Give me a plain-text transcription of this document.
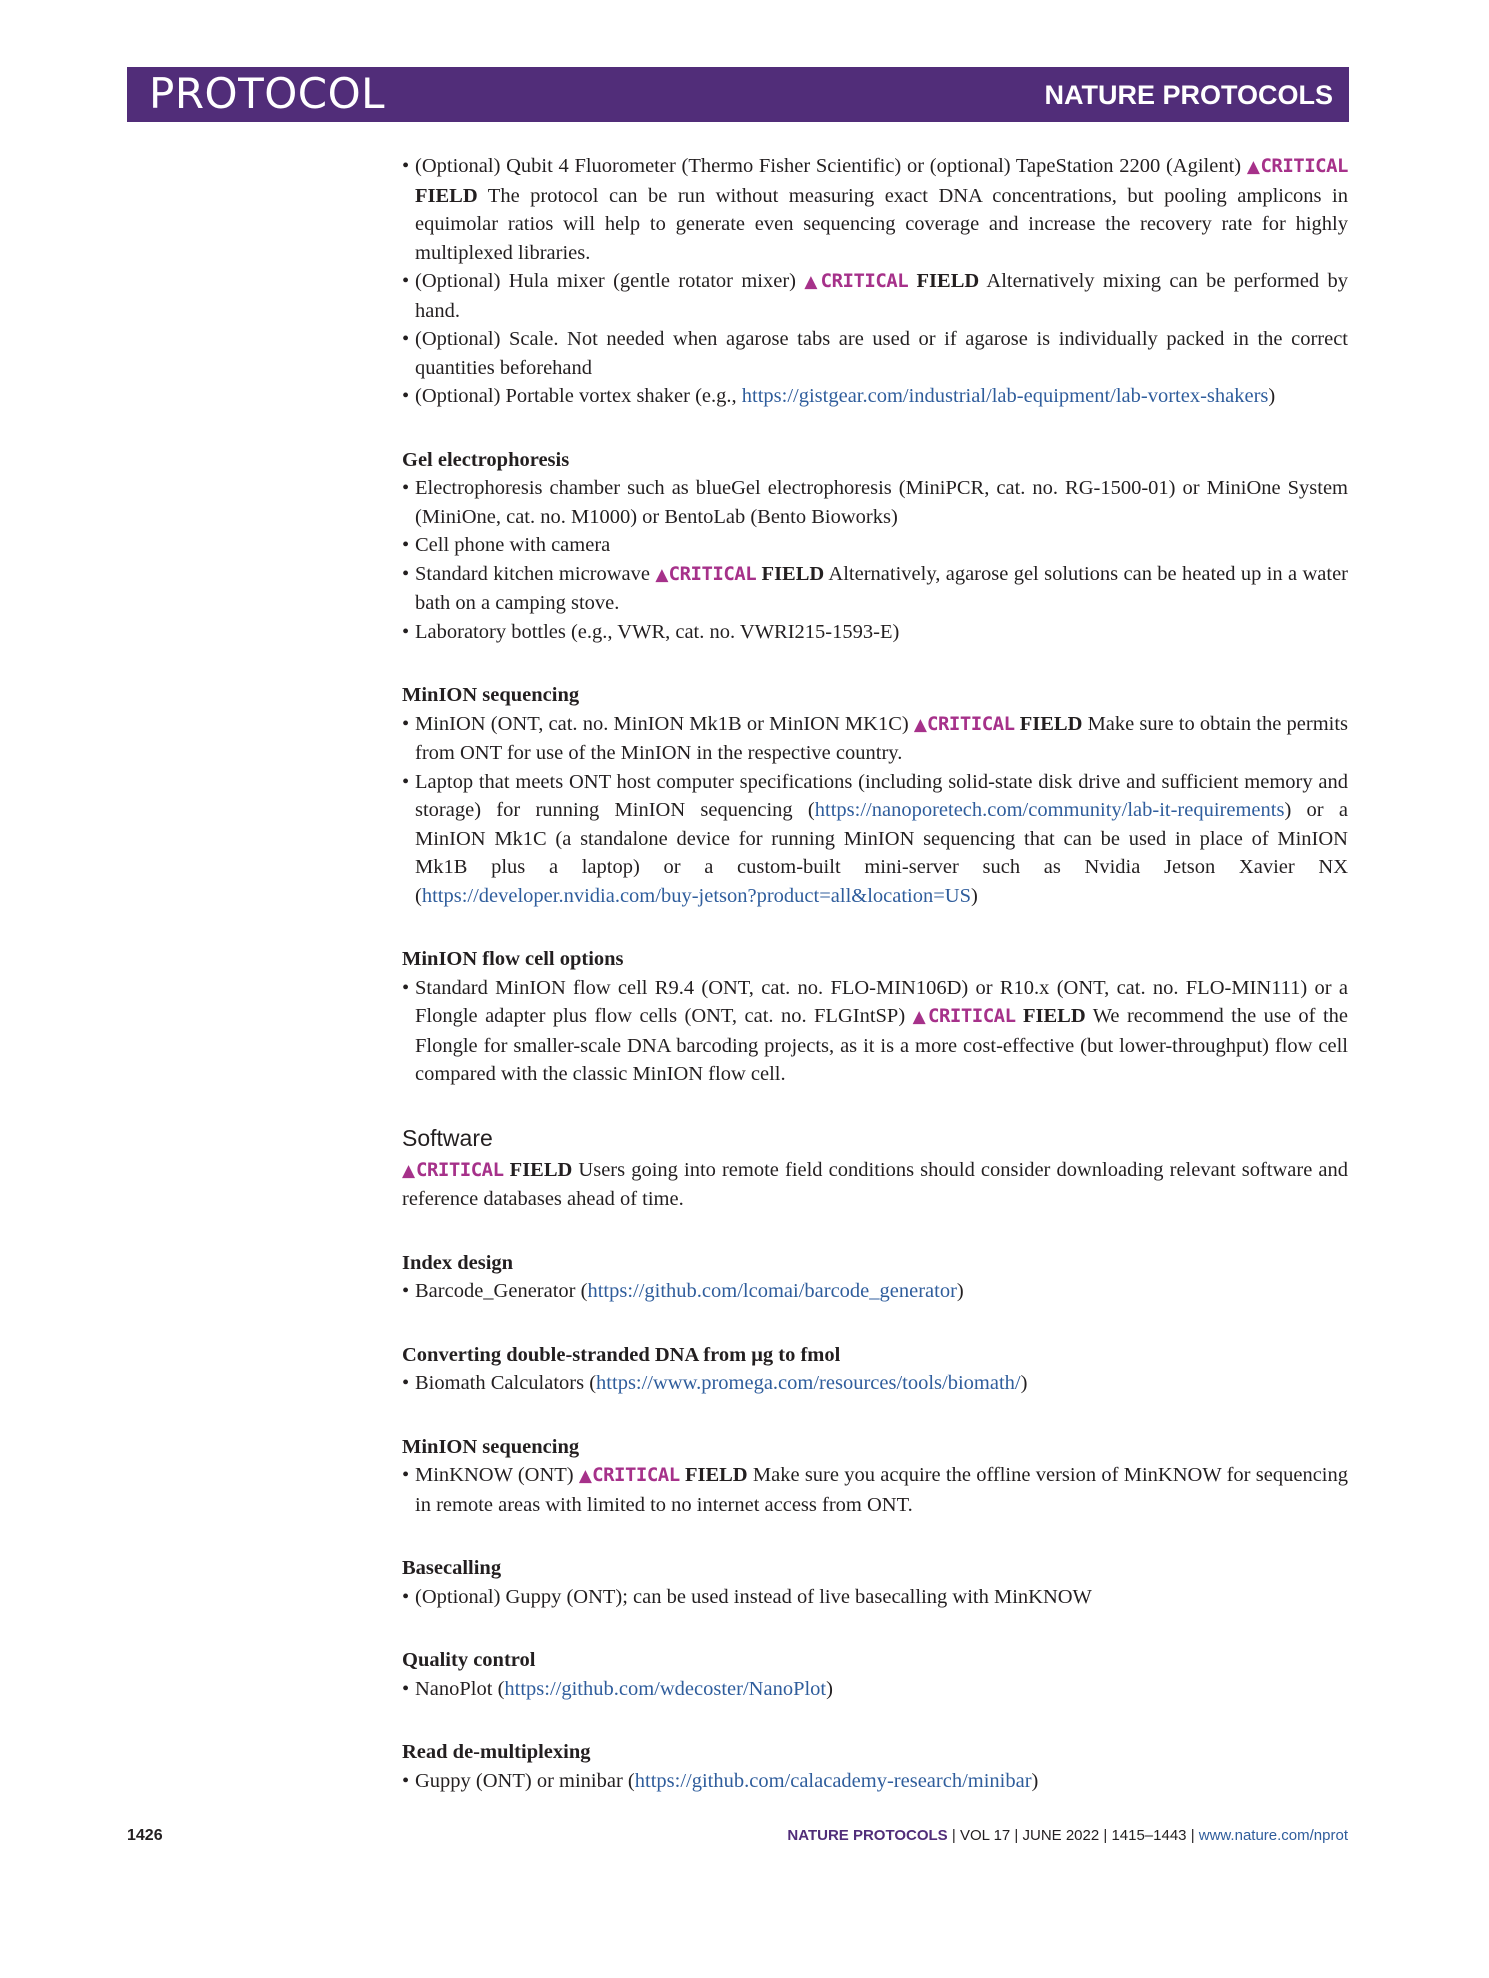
PROTOCOL	NATURE PROTOCOLS
• (Optional) Qubit 4 Fluorometer (Thermo Fisher Scientific) or (optional) TapeStation 2200 (Agilent) ▲CRITICAL FIELD The protocol can be run without measuring exact DNA concentrations, but pooling amplicons in equimolar ratios will help to generate even sequencing coverage and increase the recovery rate for highly multiplexed libraries.
• (Optional) Hula mixer (gentle rotator mixer) ▲CRITICAL FIELD Alternatively mixing can be performed by hand.
• (Optional) Scale. Not needed when agarose tabs are used or if agarose is individually packed in the correct quantities beforehand
• (Optional) Portable vortex shaker (e.g., https://gistgear.com/industrial/lab-equipment/lab-vortex-shakers)
Gel electrophoresis
• Electrophoresis chamber such as blueGel electrophoresis (MiniPCR, cat. no. RG-1500-01) or MiniOne System (MiniOne, cat. no. M1000) or BentoLab (Bento Bioworks)
• Cell phone with camera
• Standard kitchen microwave ▲CRITICAL FIELD Alternatively, agarose gel solutions can be heated up in a water bath on a camping stove.
• Laboratory bottles (e.g., VWR, cat. no. VWRI215-1593-E)
MinION sequencing
• MinION (ONT, cat. no. MinION Mk1B or MinION MK1C) ▲CRITICAL FIELD Make sure to obtain the permits from ONT for use of the MinION in the respective country.
• Laptop that meets ONT host computer specifications (including solid-state disk drive and sufficient memory and storage) for running MinION sequencing (https://nanoporetech.com/community/lab-it-requirements) or a MinION Mk1C (a standalone device for running MinION sequencing that can be used in place of MinION Mk1B plus a laptop) or a custom-built mini-server such as Nvidia Jetson Xavier NX (https://developer.nvidia.com/buy-jetson?product=all&location=US)
MinION flow cell options
• Standard MinION flow cell R9.4 (ONT, cat. no. FLO-MIN106D) or R10.x (ONT, cat. no. FLO-MIN111) or a Flongle adapter plus flow cells (ONT, cat. no. FLGIntSP) ▲CRITICAL FIELD We recommend the use of the Flongle for smaller-scale DNA barcoding projects, as it is a more cost-effective (but lower-throughput) flow cell compared with the classic MinION flow cell.
Software

▲CRITICAL FIELD Users going into remote field conditions should consider downloading relevant software and reference databases ahead of time.

Index design
• Barcode_Generator (https://github.com/lcomai/barcode_generator)
Converting double-stranded DNA from μg to fmol
• Biomath Calculators (https://www.promega.com/resources/tools/biomath/)
MinION sequencing
• MinKNOW (ONT) ▲CRITICAL FIELD Make sure you acquire the offline version of MinKNOW for sequencing in remote areas with limited to no internet access from ONT.
Basecalling
• (Optional) Guppy (ONT); can be used instead of live basecalling with MinKNOW
Quality control
• NanoPlot (https://github.com/wdecoster/NanoPlot)
Read de-multiplexing
• Guppy (ONT) or minibar (https://github.com/calacademy-research/minibar)
1426	NATURE PROTOCOLS | VOL 17 | JUNE 2022 | 1415–1443 | www.nature.com/nprot
